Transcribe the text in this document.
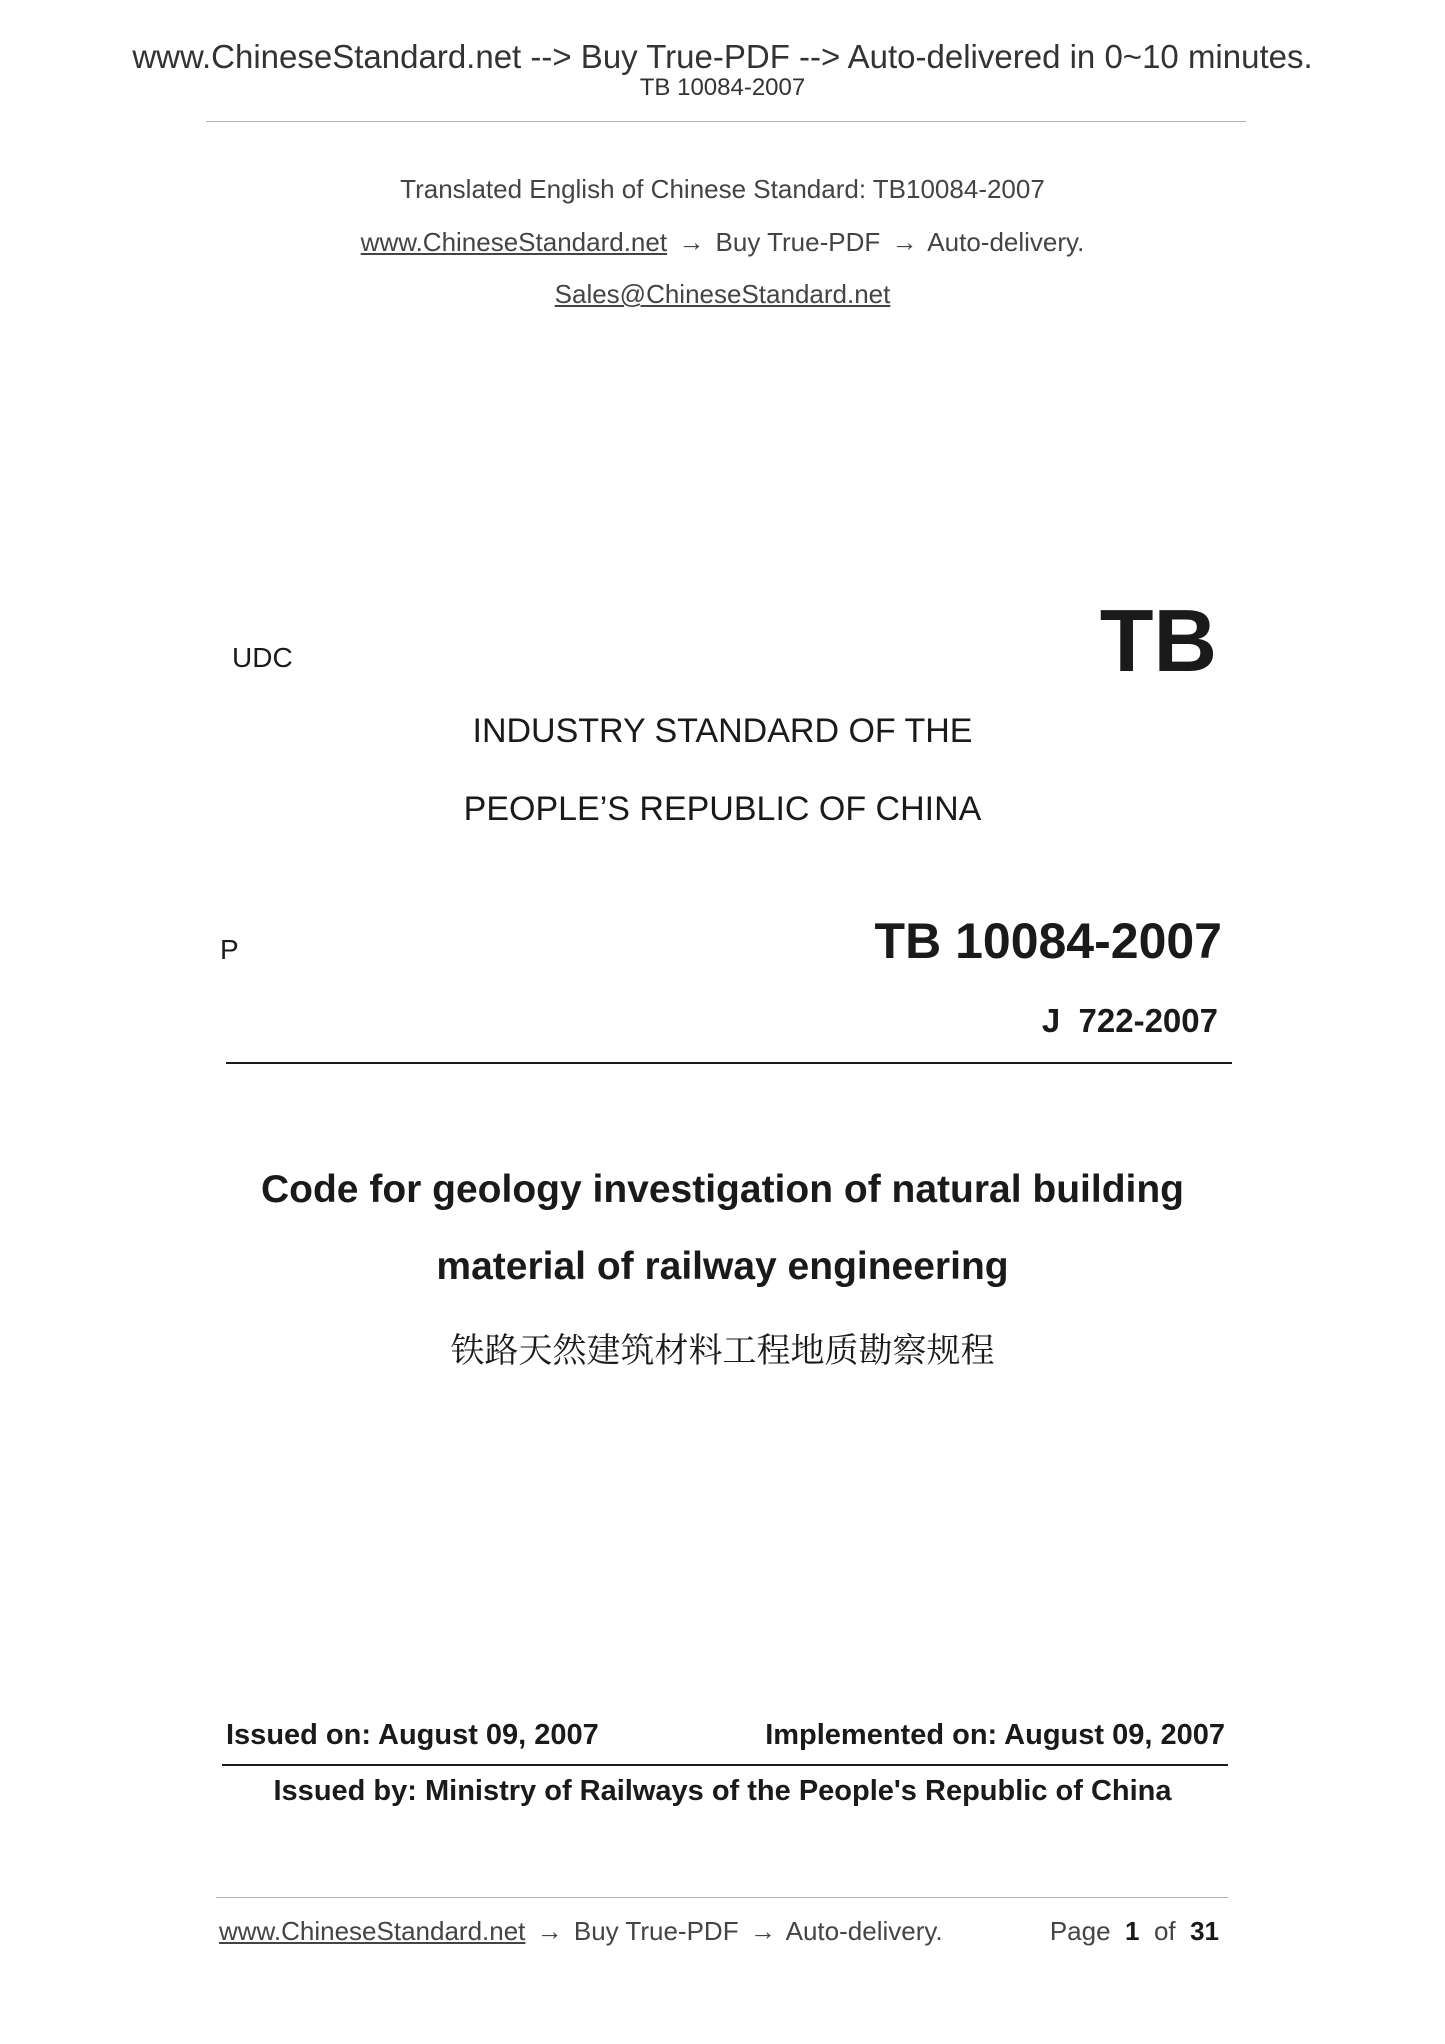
www.ChineseStandard.net --> Buy True-PDF --> Auto-delivered in 0~10 minutes.
TB 10084-2007
Translated English of Chinese Standard: TB10084-2007
www.ChineseStandard.net → Buy True-PDF → Auto-delivery.
Sales@ChineseStandard.net
UDC	TB
INDUSTRY STANDARD OF THE
PEOPLE’S REPUBLIC OF CHINA
P	TB 10084-2007
J  722-2007
Code for geology investigation of natural building
material of railway engineering
铁路天然建筑材料工程地质勘察规程
Issued on: August 09, 2007	Implemented on: August 09, 2007
Issued by: Ministry of Railways of the People's Republic of China
www.ChineseStandard.net → Buy True-PDF → Auto-delivery.	Page 1 of 31
